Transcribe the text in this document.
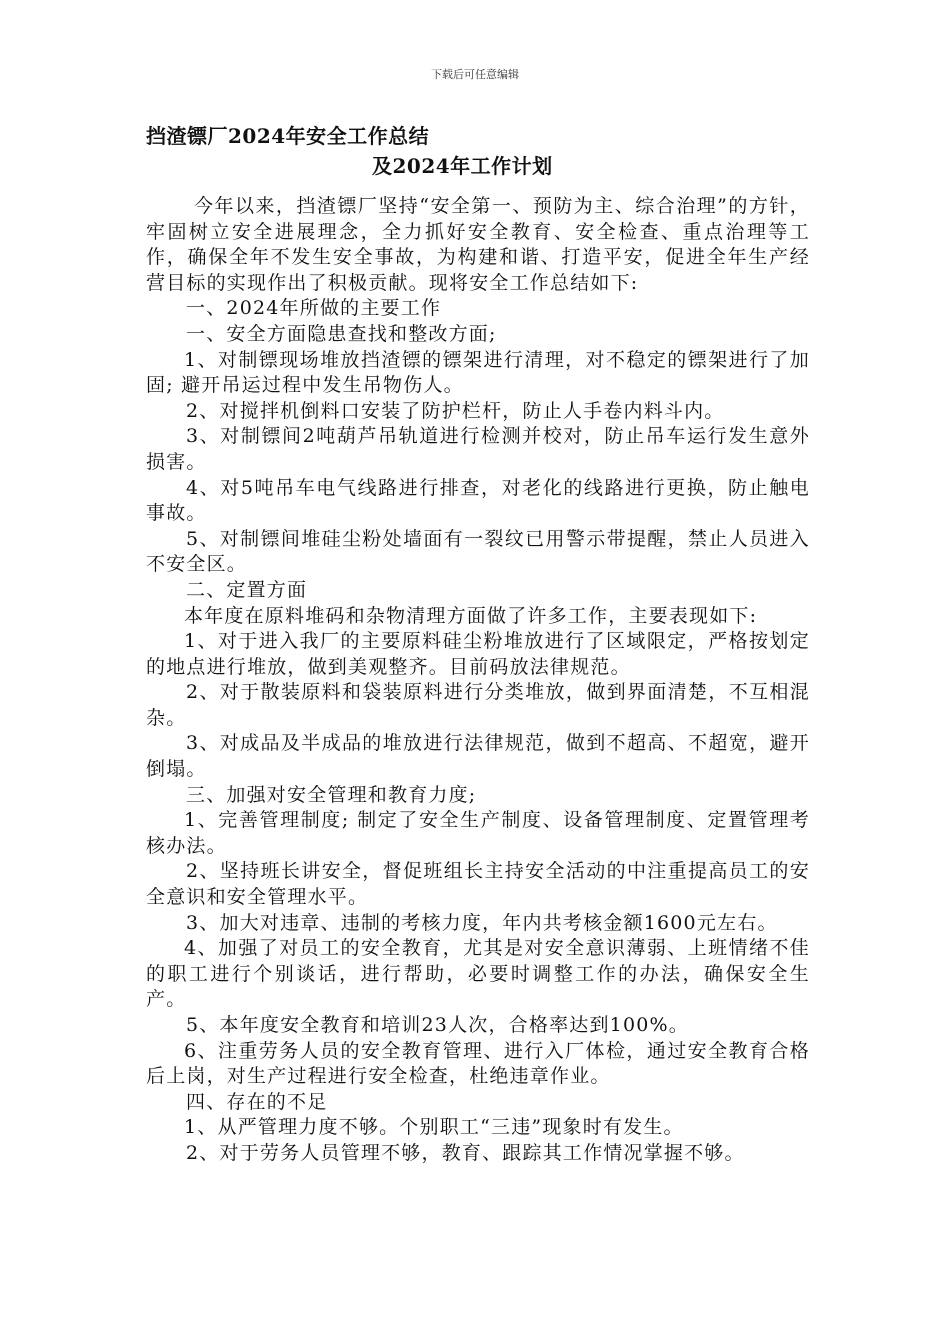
下载后可任意编辑
挡渣镖厂2024年安全工作总结
及2024年工作计划

今年以来，挡渣镖厂坚持“安全第一、预防为主、综合治理”的方针，牢固树立安全进展理念，全力抓好安全教育、安全检查、重点治理等工作，确保全年不发生安全事故，为构建和谐、打造平安，促进全年生产经营目标的实现作出了积极贡献。现将安全工作总结如下:

一、2024年所做的主要工作

一、安全方面隐患查找和整改方面;

1、对制镖现场堆放挡渣镖的镖架进行清理，对不稳定的镖架进行了加固; 避开吊运过程中发生吊物伤人。

2、对搅拌机倒料口安装了防护栏杆，防止人手卷内料斗内。

3、对制镖间2吨葫芦吊轨道进行检测并校对，防止吊车运行发生意外损害。

4、对5吨吊车电气线路进行排查，对老化的线路进行更换，防止触电事故。

5、对制镖间堆硅尘粉处墙面有一裂纹已用警示带提醒，禁止人员进入不安全区。

二、定置方面

本年度在原料堆码和杂物清理方面做了许多工作，主要表现如下:

1、对于进入我厂的主要原料硅尘粉堆放进行了区域限定，严格按划定的地点进行堆放，做到美观整齐。目前码放法律规范。

2、对于散装原料和袋装原料进行分类堆放，做到界面清楚，不互相混杂。

3、对成品及半成品的堆放进行法律规范，做到不超高、不超宽，避开倒塌。

三、加强对安全管理和教育力度;

1、完善管理制度; 制定了安全生产制度、设备管理制度、定置管理考核办法。

2、坚持班长讲安全，督促班组长主持安全活动的中注重提高员工的安全意识和安全管理水平。

3、加大对违章、违制的考核力度，年内共考核金额1600元左右。

4、加强了对员工的安全教育，尤其是对安全意识薄弱、上班情绪不佳的职工进行个别谈话，进行帮助，必要时调整工作的办法，确保安全生产。

5、本年度安全教育和培训23人次，合格率达到100%。

6、注重劳务人员的安全教育管理、进行入厂体检，通过安全教育合格后上岗，对生产过程进行安全检查，杜绝违章作业。

四、存在的不足

1、从严管理力度不够。个别职工“三违”现象时有发生。

2、对于劳务人员管理不够，教育、跟踪其工作情况掌握不够。
